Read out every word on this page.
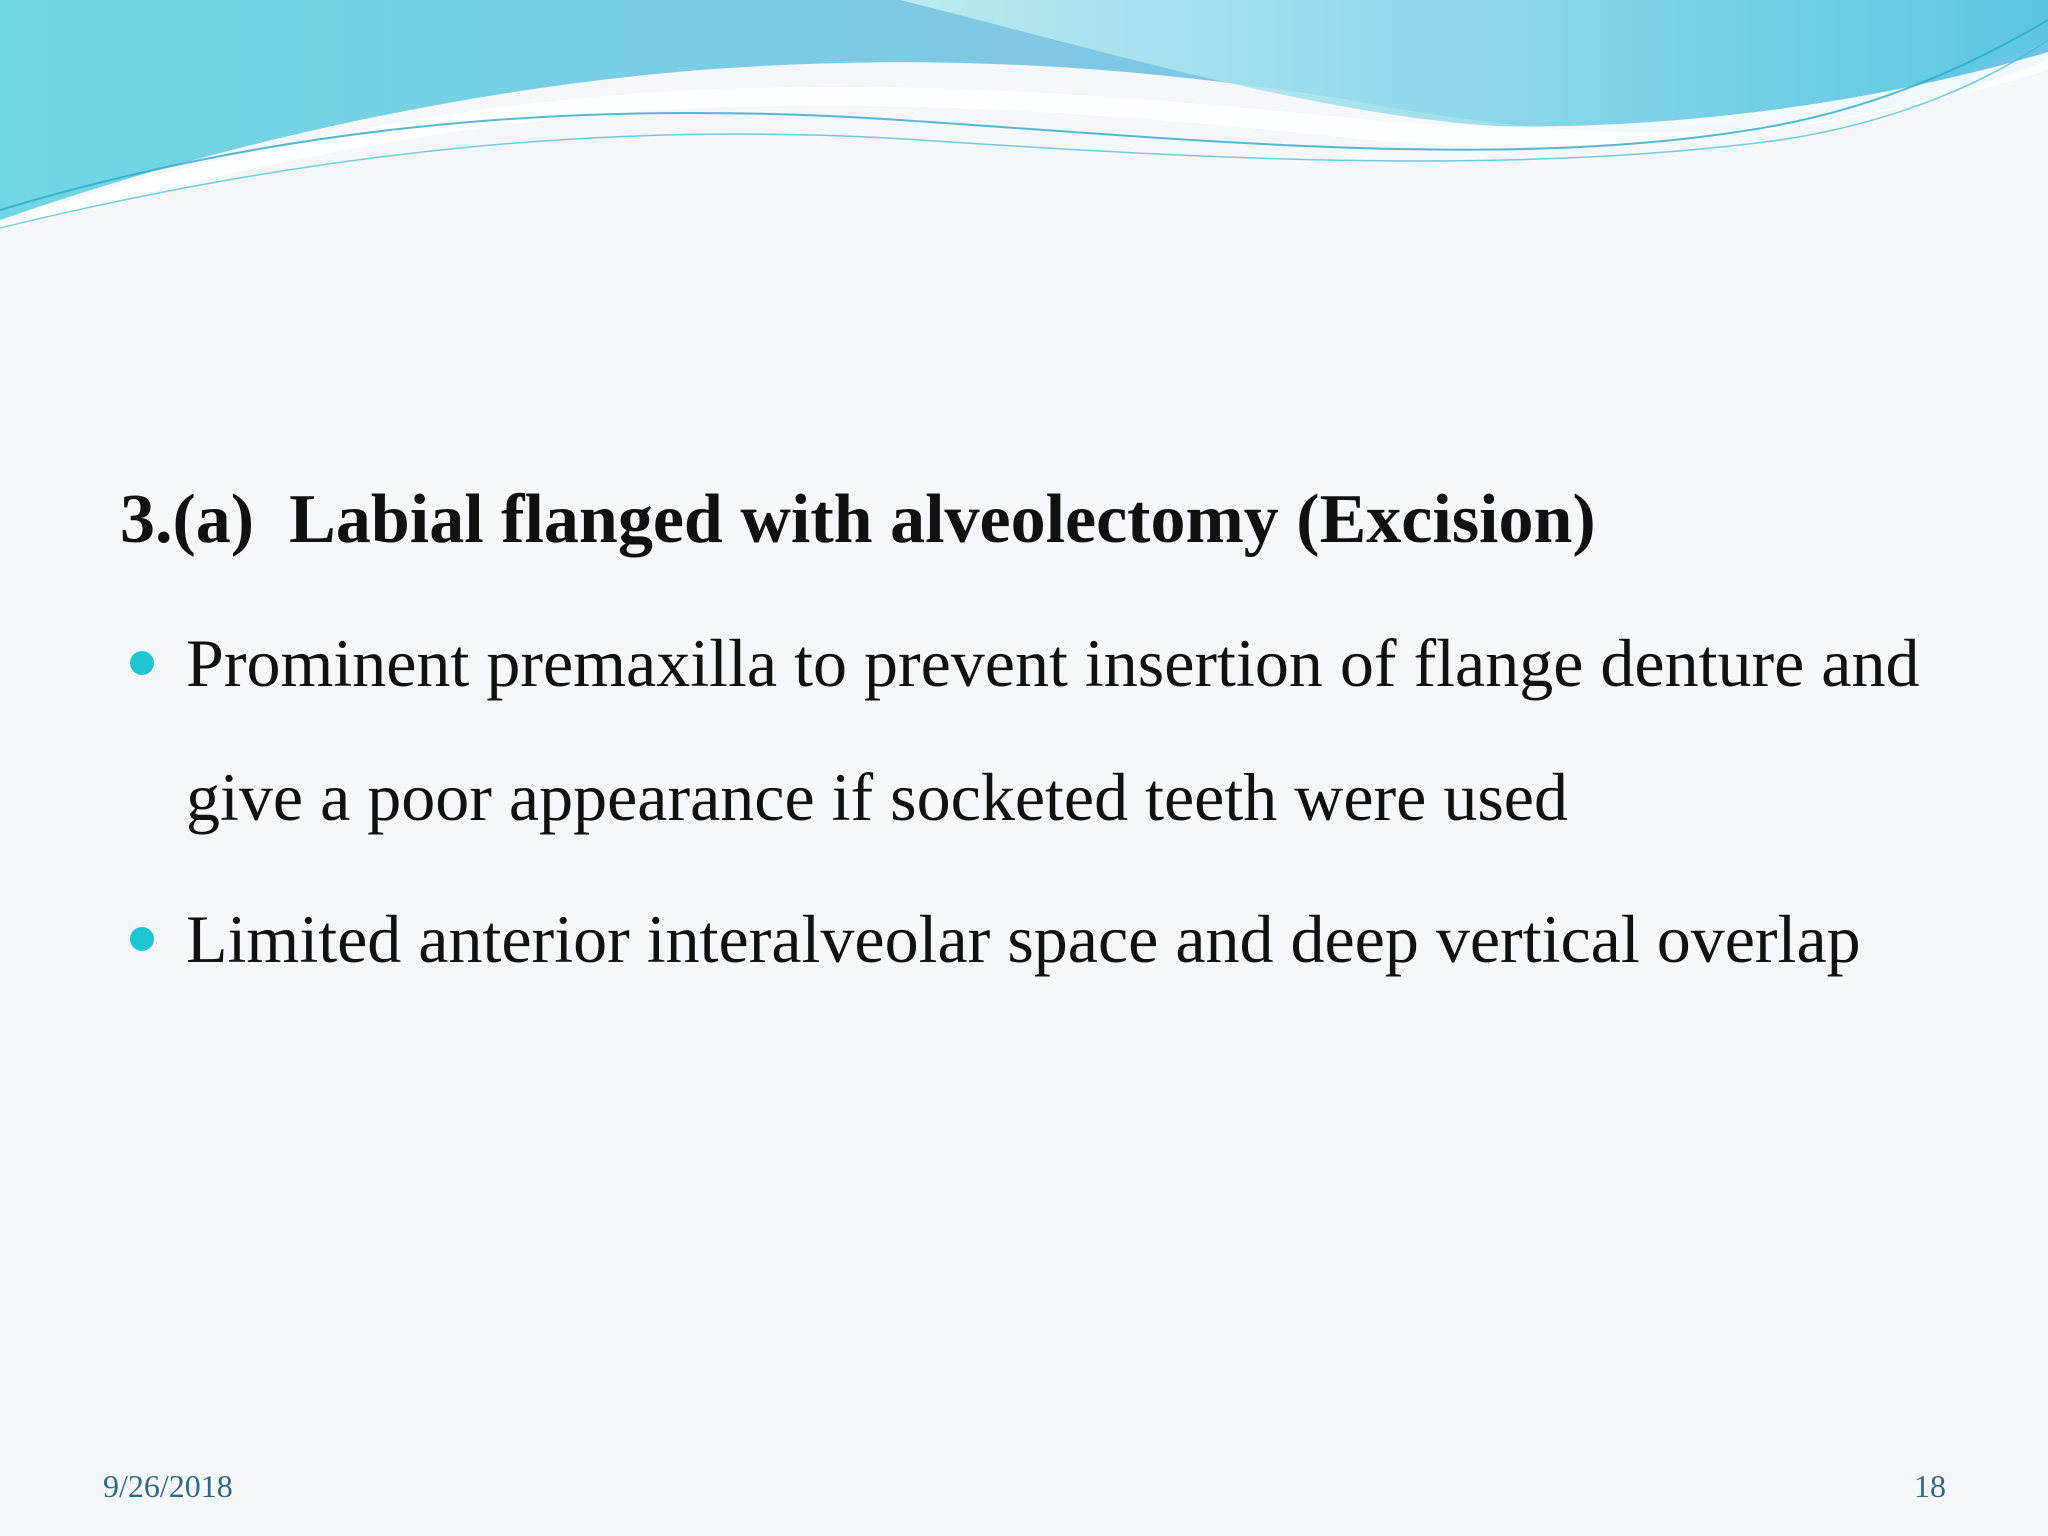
3.(a) Labial flanged with alveolectomy (Excision)
Prominent premaxilla to prevent insertion of flange denture and give a poor appearance if socketed teeth were used
Limited anterior interalveolar space and deep vertical overlap
9/26/2018	18
